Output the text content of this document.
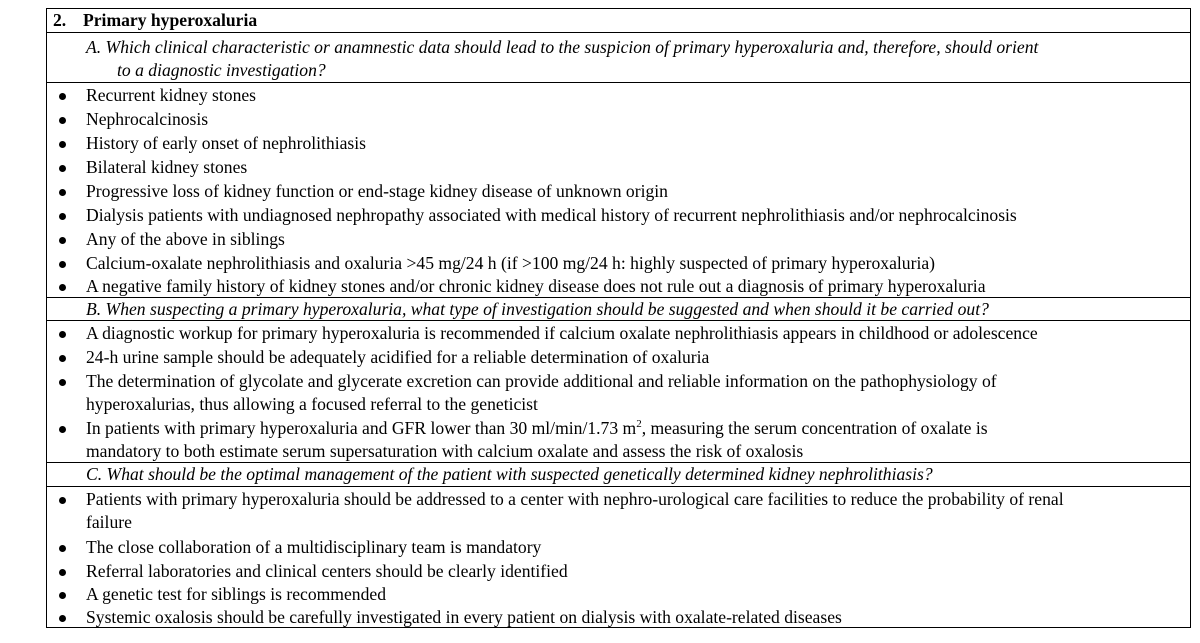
2. Primary hyperoxaluria
A. Which clinical characteristic or anamnestic data should lead to the suspicion of primary hyperoxaluria and, therefore, should orient
to a diagnostic investigation?
Recurrent kidney stones
Nephrocalcinosis
History of early onset of nephrolithiasis
Bilateral kidney stones
Progressive loss of kidney function or end-stage kidney disease of unknown origin
Dialysis patients with undiagnosed nephropathy associated with medical history of recurrent nephrolithiasis and/or nephrocalcinosis
Any of the above in siblings
Calcium-oxalate nephrolithiasis and oxaluria >45 mg/24 h (if >100 mg/24 h: highly suspected of primary hyperoxaluria)
A negative family history of kidney stones and/or chronic kidney disease does not rule out a diagnosis of primary hyperoxaluria
B. When suspecting a primary hyperoxaluria, what type of investigation should be suggested and when should it be carried out?
A diagnostic workup for primary hyperoxaluria is recommended if calcium oxalate nephrolithiasis appears in childhood or adolescence
24-h urine sample should be adequately acidified for a reliable determination of oxaluria
The determination of glycolate and glycerate excretion can provide additional and reliable information on the pathophysiology of
hyperoxalurias, thus allowing a focused referral to the geneticist
In patients with primary hyperoxaluria and GFR lower than 30 ml/min/1.73 $m^2$, measuring the serum concentration of oxalate is
mandatory to both estimate serum supersaturation with calcium oxalate and assess the risk of oxalosis
C. What should be the optimal management of the patient with suspected genetically determined kidney nephrolithiasis?
Patients with primary hyperoxaluria should be addressed to a center with nephro-urological care facilities to reduce the probability of renal
failure
The close collaboration of a multidisciplinary team is mandatory
Referral laboratories and clinical centers should be clearly identified
A genetic test for siblings is recommended
Systemic oxalosis should be carefully investigated in every patient on dialysis with oxalate-related diseases
